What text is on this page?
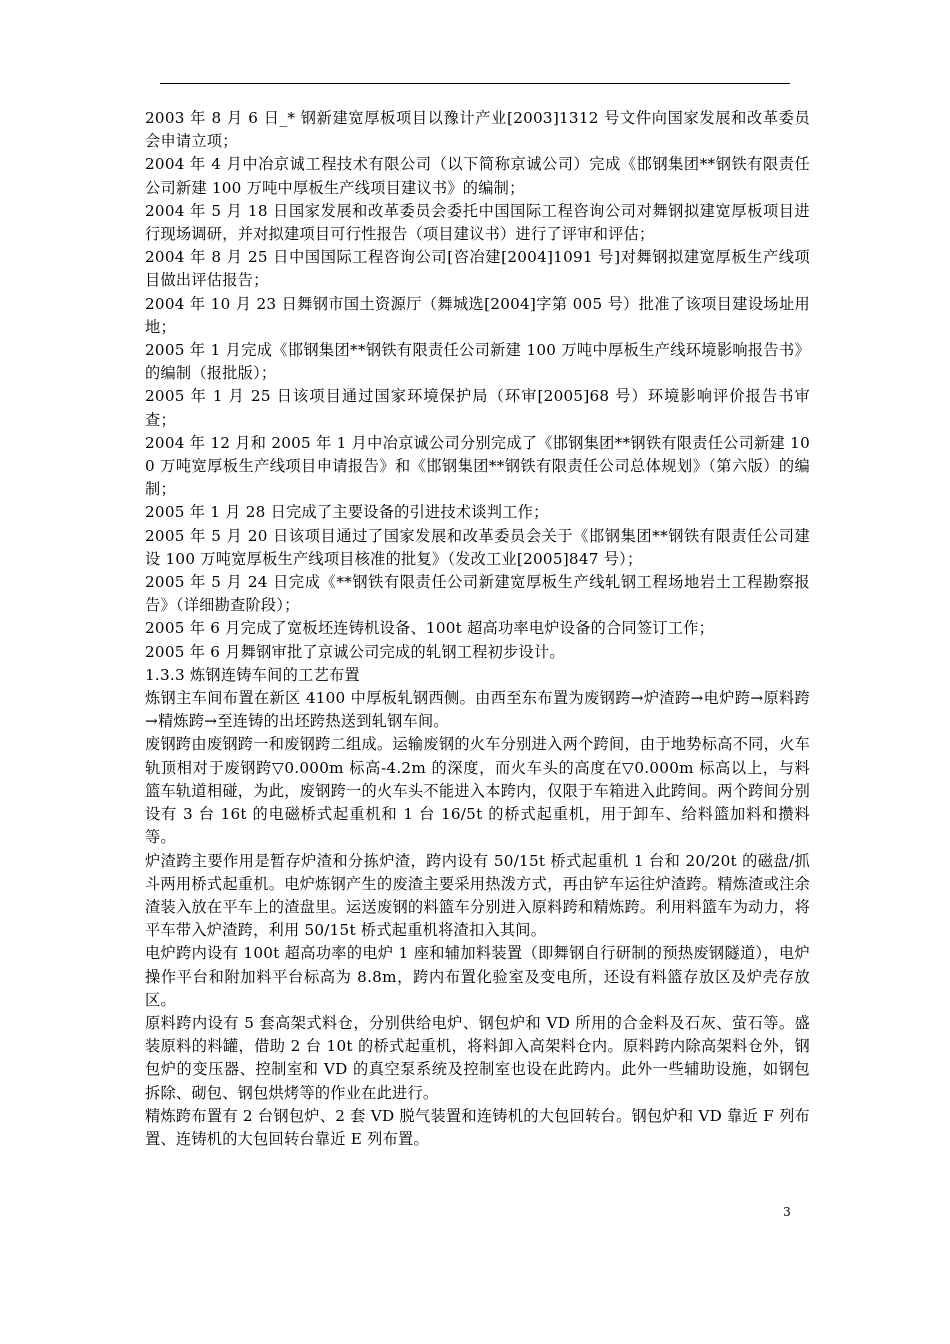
2003 年 8 月 6 日_* 钢新建宽厚板项目以豫计产业[2003]1312 号文件向国家发展和改革委员会申请立项；

2004 年 4 月中冶京诚工程技术有限公司（以下简称京诚公司）完成《邯钢集团**钢铁有限责任公司新建 100 万吨中厚板生产线项目建议书》的编制；

2004 年 5 月 18 日国家发展和改革委员会委托中国国际工程咨询公司对舞钢拟建宽厚板项目进行现场调研，并对拟建项目可行性报告（项目建议书）进行了评审和评估；

2004 年 8 月 25 日中国国际工程咨询公司[咨冶建[2004]1091 号]对舞钢拟建宽厚板生产线项目做出评估报告；

2004 年 10 月 23 日舞钢市国土资源厅（舞城选[2004]字第 005 号）批准了该项目建设场址用地；

2005 年 1 月完成《邯钢集团**钢铁有限责任公司新建 100 万吨中厚板生产线环境影响报告书》的编制（报批版）；

2005 年 1 月 25 日该项目通过国家环境保护局（环审[2005]68 号）环境影响评价报告书审查；

2004 年 12 月和 2005 年 1 月中冶京诚公司分别完成了《邯钢集团**钢铁有限责任公司新建 100 万吨宽厚板生产线项目申请报告》和《邯钢集团**钢铁有限责任公司总体规划》（第六版）的编制；

2005 年 1 月 28 日完成了主要设备的引进技术谈判工作；

2005 年 5 月 20 日该项目通过了国家发展和改革委员会关于《邯钢集团**钢铁有限责任公司建设 100 万吨宽厚板生产线项目核准的批复》（发改工业[2005]847 号）；

2005 年 5 月 24 日完成《**钢铁有限责任公司新建宽厚板生产线轧钢工程场地岩土工程勘察报告》（详细勘查阶段）；

2005 年 6 月完成了宽板坯连铸机设备、100t 超高功率电炉设备的合同签订工作；

2005 年 6 月舞钢审批了京诚公司完成的轧钢工程初步设计。

1.3.3 炼钢连铸车间的工艺布置

炼钢主车间布置在新区 4100 中厚板轧钢西侧。由西至东布置为废钢跨→炉渣跨→电炉跨→原料跨→精炼跨→至连铸的出坯跨热送到轧钢车间。

废钢跨由废钢跨一和废钢跨二组成。运输废钢的火车分别进入两个跨间，由于地势标高不同，火车轨顶相对于废钢跨▽0.000m 标高-4.2m 的深度，而火车头的高度在▽0.000m 标高以上，与料篮车轨道相碰，为此，废钢跨一的火车头不能进入本跨内，仅限于车箱进入此跨间。两个跨间分别设有 3 台 16t 的电磁桥式起重机和 1 台 16/5t 的桥式起重机，用于卸车、给料篮加料和攒料等。

炉渣跨主要作用是暂存炉渣和分拣炉渣，跨内设有 50/15t 桥式起重机 1 台和 20/20t 的磁盘/抓斗两用桥式起重机。电炉炼钢产生的废渣主要采用热泼方式，再由铲车运往炉渣跨。精炼渣或注余渣装入放在平车上的渣盘里。运送废钢的料篮车分别进入原料跨和精炼跨。利用料篮车为动力，将平车带入炉渣跨，利用 50/15t 桥式起重机将渣扣入其间。

电炉跨内设有 100t 超高功率的电炉 1 座和辅加料装置（即舞钢自行研制的预热废钢隧道），电炉操作平台和附加料平台标高为 8.8m，跨内布置化验室及变电所，还设有料篮存放区及炉壳存放区。

原料跨内设有 5 套高架式料仓，分别供给电炉、钢包炉和 VD 所用的合金料及石灰、萤石等。盛装原料的料罐，借助 2 台 10t 的桥式起重机，将料卸入高架料仓内。原料跨内除高架料仓外，钢包炉的变压器、控制室和 VD 的真空泵系统及控制室也设在此跨内。此外一些辅助设施，如钢包拆除、砌包、钢包烘烤等的作业在此进行。

精炼跨布置有 2 台钢包炉、2 套 VD 脱气装置和连铸机的大包回转台。钢包炉和 VD 靠近 F 列布置、连铸机的大包回转台靠近 E 列布置。

3
